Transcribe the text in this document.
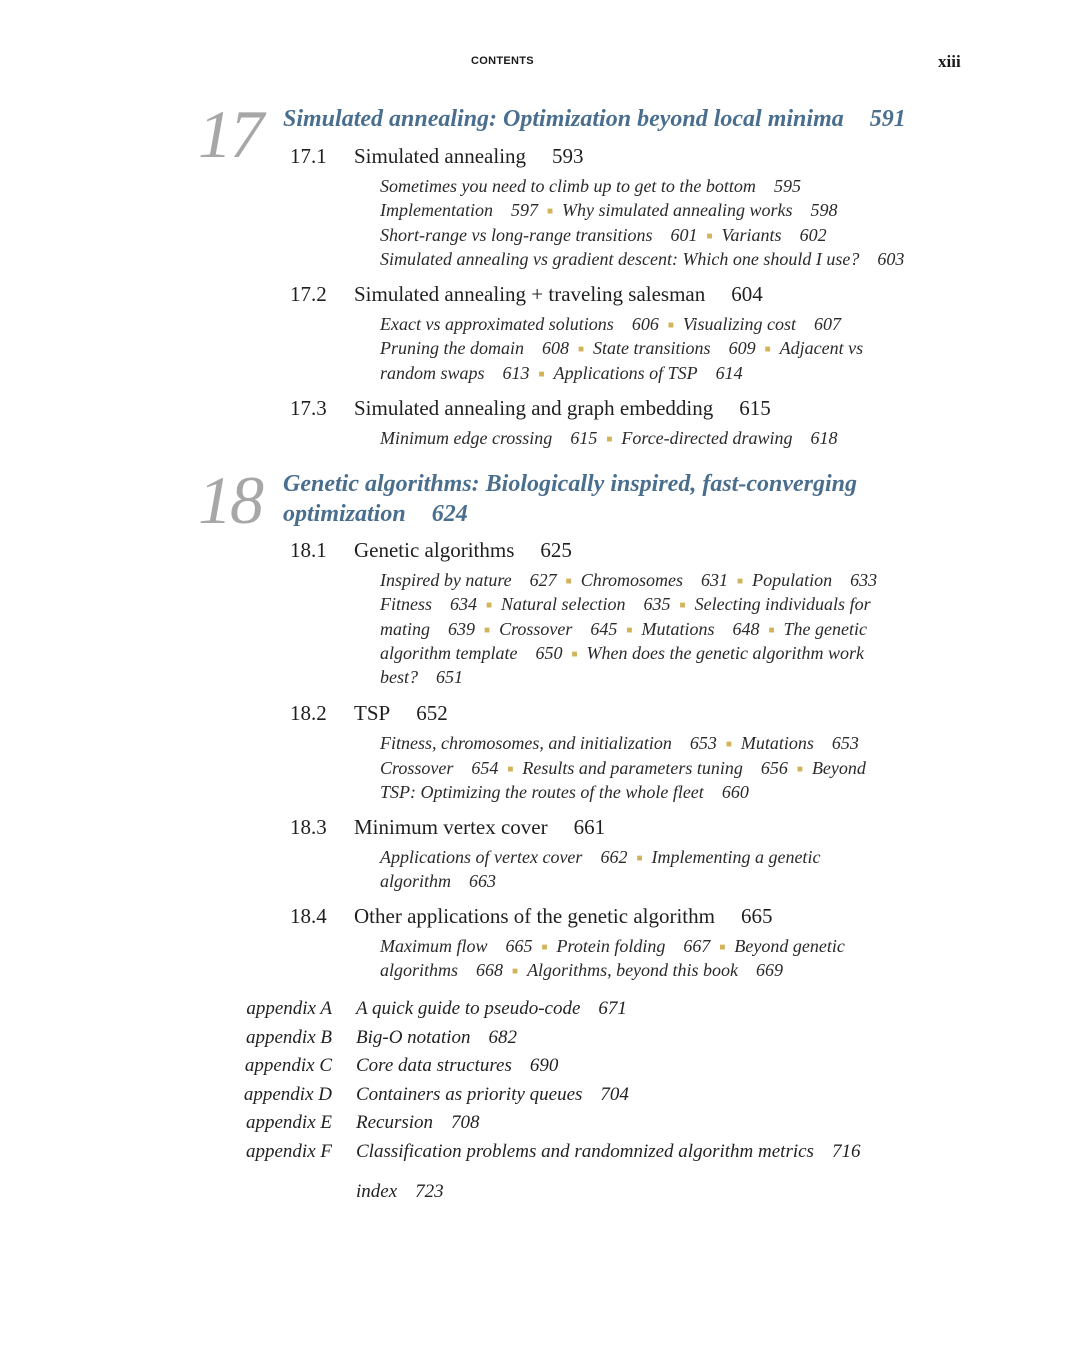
CONTENTS	xiii
17 Simulated annealing: Optimization beyond local minima 591
17.1 Simulated annealing 593
Sometimes you need to climb up to get to the bottom 595
Implementation 597 ■ Why simulated annealing works 598
Short-range vs long-range transitions 601 ■ Variants 602
Simulated annealing vs gradient descent: Which one should I use? 603
17.2 Simulated annealing + traveling salesman 604
Exact vs approximated solutions 606 ■ Visualizing cost 607
Pruning the domain 608 ■ State transitions 609 ■ Adjacent vs
random swaps 613 ■ Applications of TSP 614
17.3 Simulated annealing and graph embedding 615
Minimum edge crossing 615 ■ Force-directed drawing 618
18 Genetic algorithms: Biologically inspired, fast-converging
optimization 624
18.1 Genetic algorithms 625
Inspired by nature 627 ■ Chromosomes 631 ■ Population 633
Fitness 634 ■ Natural selection 635 ■ Selecting individuals for
mating 639 ■ Crossover 645 ■ Mutations 648 ■ The genetic
algorithm template 650 ■ When does the genetic algorithm work
best? 651
18.2 TSP 652
Fitness, chromosomes, and initialization 653 ■ Mutations 653
Crossover 654 ■ Results and parameters tuning 656 ■ Beyond
TSP: Optimizing the routes of the whole fleet 660
18.3 Minimum vertex cover 661
Applications of vertex cover 662 ■ Implementing a genetic
algorithm 663
18.4 Other applications of the genetic algorithm 665
Maximum flow 665 ■ Protein folding 667 ■ Beyond genetic
algorithms 668 ■ Algorithms, beyond this book 669
appendix A A quick guide to pseudo-code 671
appendix B Big-O notation 682
appendix C Core data structures 690
appendix D Containers as priority queues 704
appendix E Recursion 708
appendix F Classification problems and randomnized algorithm metrics 716
index 723
